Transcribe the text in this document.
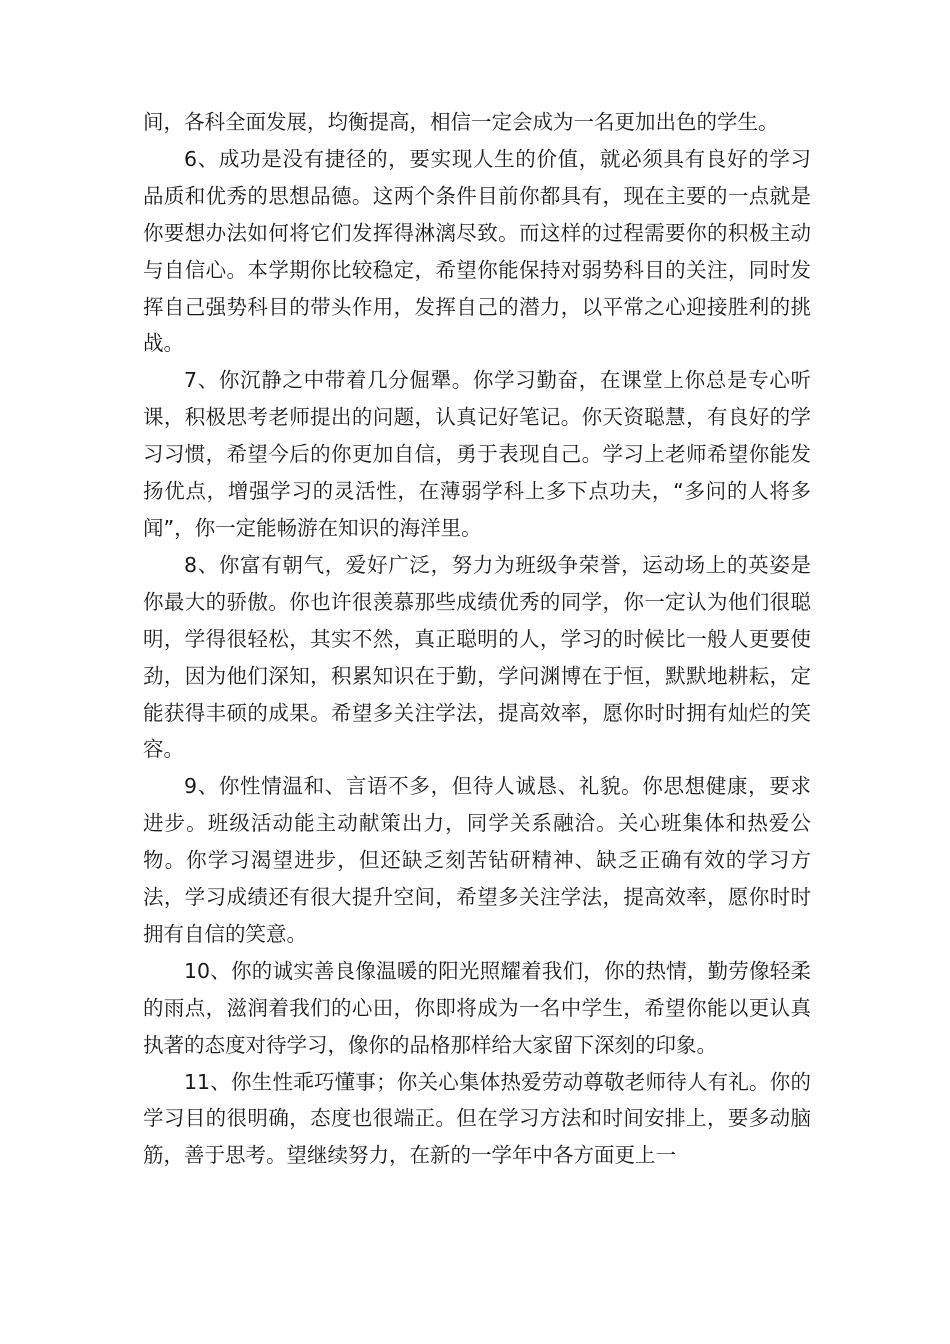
间，各科全面发展，均衡提高，相信一定会成为一名更加出色的学生。

6、成功是没有捷径的，要实现人生的价值，就必须具有良好的学习品质和优秀的思想品德。这两个条件目前你都具有，现在主要的一点就是你要想办法如何将它们发挥得淋漓尽致。而这样的过程需要你的积极主动与自信心。本学期你比较稳定，希望你能保持对弱势科目的关注，同时发挥自己强势科目的带头作用，发挥自己的潜力，以平常之心迎接胜利的挑战。

7、你沉静之中带着几分倔犟。你学习勤奋，在课堂上你总是专心听课，积极思考老师提出的问题，认真记好笔记。你天资聪慧，有良好的学习习惯，希望今后的你更加自信，勇于表现自己。学习上老师希望你能发扬优点，增强学习的灵活性，在薄弱学科上多下点功夫，“多问的人将多闻”，你一定能畅游在知识的海洋里。

8、你富有朝气，爱好广泛，努力为班级争荣誉，运动场上的英姿是你最大的骄傲。你也许很羡慕那些成绩优秀的同学，你一定认为他们很聪明，学得很轻松，其实不然，真正聪明的人，学习的时候比一般人更要使劲，因为他们深知，积累知识在于勤，学问渊博在于恒，默默地耕耘，定能获得丰硕的成果。希望多关注学法，提高效率，愿你时时拥有灿烂的笑容。

9、你性情温和、言语不多，但待人诚恳、礼貌。你思想健康，要求进步。班级活动能主动献策出力，同学关系融洽。关心班集体和热爱公物。你学习渴望进步，但还缺乏刻苦钻研精神、缺乏正确有效的学习方法，学习成绩还有很大提升空间，希望多关注学法，提高效率，愿你时时拥有自信的笑意。

10、你的诚实善良像温暖的阳光照耀着我们，你的热情，勤劳像轻柔的雨点，滋润着我们的心田，你即将成为一名中学生，希望你能以更认真执著的态度对待学习，像你的品格那样给大家留下深刻的印象。

11、你生性乖巧懂事；你关心集体热爱劳动尊敬老师待人有礼。你的学习目的很明确，态度也很端正。但在学习方法和时间安排上，要多动脑筋，善于思考。望继续努力，在新的一学年中各方面更上一
